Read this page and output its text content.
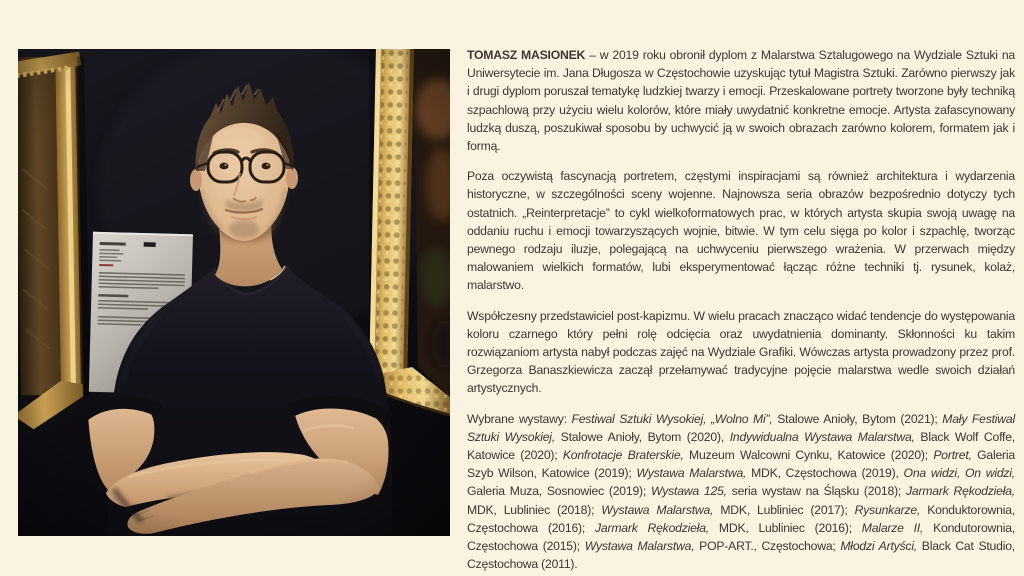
TOMASZ MASIONEK – w 2019 roku obronił dyplom z Malarstwa Sztalugowego na Wydziale Sztuki na Uniwersytecie im. Jana Długosza w Częstochowie uzyskując tytuł Magistra Sztuki. Zarówno pierwszy jak i drugi dyplom poruszał tematykę ludzkiej twarzy i emocji. Przeskalowane portrety tworzone były techniką szpachlową przy użyciu wielu kolorów, które miały uwydatnić konkretne emocje. Artysta zafascynowany ludzką duszą, poszukiwał sposobu by uchwycić ją w swoich obrazach zarówno kolorem, formatem jak i formą.

Poza oczywistą fascynacją portretem, częstymi inspiracjami są również architektura i wydarzenia historyczne, w szczególności sceny wojenne. Najnowsza seria obrazów bezpośrednio dotyczy tych ostatnich. „Reinterpretacje” to cykl wielkoformatowych prac, w których artysta skupia swoją uwagę na oddaniu ruchu i emocji towarzyszących wojnie, bitwie. W tym celu sięga po kolor i szpachlę, tworząc pewnego rodzaju iluzje, polegającą na uchwyceniu pierwszego wrażenia. W przerwach między malowaniem wielkich formatów, lubi eksperymentować łącząc różne techniki tj. rysunek, kolaż, malarstwo.

Współczesny przedstawiciel post-kapizmu. W wielu pracach znacząco widać tendencje do występowania koloru czarnego który pełni rolę odcięcia oraz uwydatnienia dominanty. Skłonności ku takim rozwiązaniom artysta nabył podczas zajęć na Wydziale Grafiki. Wówczas artysta prowadzony przez prof. Grzegorza Banaszkiewicza zaczął przełamywać tradycyjne pojęcie malarstwa wedle swoich działań artystycznych.

Wybrane wystawy: Festiwal Sztuki Wysokiej, „Wolno Mi”, Stalowe Anioły, Bytom (2021); Mały Festiwal Sztuki Wysokiej, Stalowe Anioły, Bytom (2020), Indywidualna Wystawa Malarstwa, Black Wolf Coffe, Katowice (2020); Konfrotacje Braterskie, Muzeum Walcowni Cynku, Katowice (2020); Portret, Galeria Szyb Wilson, Katowice (2019); Wystawa Malarstwa, MDK, Częstochowa (2019), Ona widzi, On widzi, Galeria Muza, Sosnowiec (2019); Wystawa 125, seria wystaw na Śląsku (2018); Jarmark Rękodzieła, MDK, Lubliniec (2018); Wystawa Malarstwa, MDK, Lubliniec (2017); Rysunkarze, Konduktorownia, Częstochowa (2016); Jarmark Rękodzieła, MDK, Lubliniec (2016); Malarze II, Kondutorownia, Częstochowa (2015); Wystawa Malarstwa, POP-ART., Częstochowa; Młodzi Artyści, Black Cat Studio, Częstochowa (2011).
